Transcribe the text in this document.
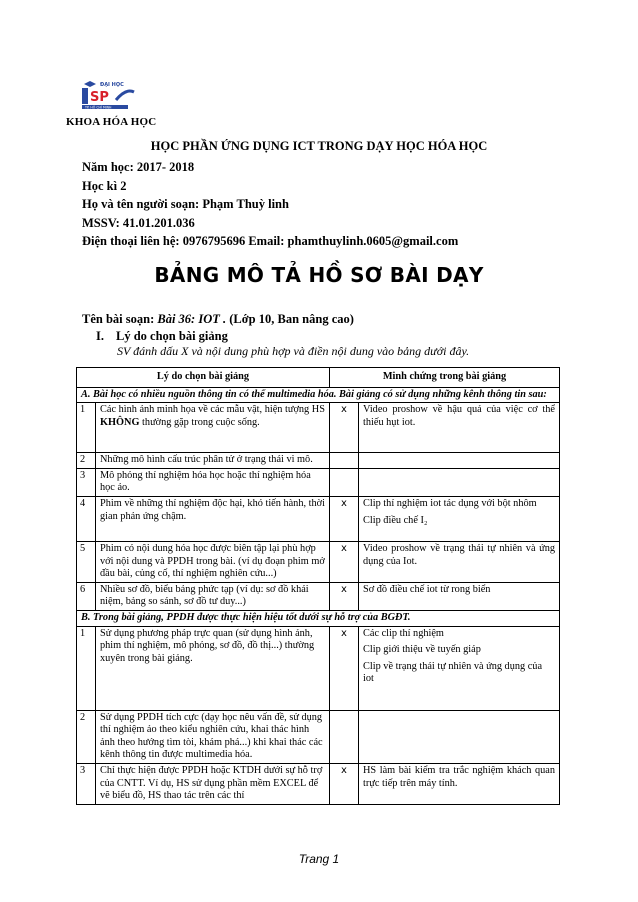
ĐẠI HỌC
SP
TP. HỒ CHÍ MINH
KHOA HÓA HỌC
HỌC PHẦN ỨNG DỤNG ICT TRONG DẠY HỌC HÓA HỌC
Năm học: 2017- 2018
Học kì 2
Họ và tên người soạn: Phạm Thuỳ linh
MSSV: 41.01.201.036
Điện thoại liên hệ: 0976795696 Email: phamthuylinh.0605@gmail.com
BẢNG MÔ TẢ HỒ SƠ BÀI DẠY
Tên bài soạn: Bài 36: IOT . (Lớp 10, Ban nâng cao)
I. Lý do chọn bài giảng
SV đánh dấu X và nội dung phù hợp và điền nội dung vào bảng dưới đây.
Lý do chọn bài giảng		Minh chứng trong bài giảng	
A. Bài học có nhiều nguồn thông tin có thể multimedia hóa. Bài giảng có sử dụng những kênh thông tin sau:			
1	Các hình ảnh minh họa về các mẫu vật, hiện tượng HS KHÔNG thường gặp trong cuộc sống.	x	Video proshow về hậu quả của việc cơ thể thiếu hụt iot.

2	Những mô hình cấu trúc phân tử ở trạng thái vi mô.		
3	Mô phỏng thí nghiệm hóa học hoặc thí nghiệm hóa học ảo.		
4	Phim về những thí nghiệm độc hại, khó tiến hành, thời gian phản ứng chậm.	x	Clip thí nghiệm iot tác dụng với bột nhôm

Clip điều chế I₂

5	Phim có nội dung hóa học được biên tập lại phù hợp với nội dung và PPDH trong bài. (ví dụ đoạn phim mở đầu bài, củng cố, thí nghiệm nghiên cứu...)	x	Video proshow về trạng thái tự nhiên và ứng dụng của Iot.

6	Nhiều sơ đồ, biểu bảng phức tạp (ví dụ: sơ đồ khái niệm, bảng so sánh, sơ đồ tư duy...)	x	Sơ đồ điều chế iot từ rong biển

B. Trong bài giảng, PPDH được thực hiện hiệu tốt dưới sự hỗ trợ của BGĐT.			
1	Sử dụng phương pháp trực quan (sử dụng hình ảnh, phim thí nghiệm, mô phỏng, sơ đồ, đồ thị...) thường xuyên trong bài giảng.	x	Các clip thí nghiệm

Clip giới thiệu về tuyến giáp

Clip về trạng thái tự nhiên và ứng dụng của iot

2	Sử dụng PPDH tích cực (dạy học nêu vấn đề, sử dụng thí nghiệm ảo theo kiểu nghiên cứu, khai thác hình ảnh theo hướng tìm tòi, khám phá...) khi khai thác các kênh thông tin được multimedia hóa.		
3	Chỉ thực hiện được PPDH hoặc KTDH dưới sự hỗ trợ của CNTT. Ví dụ, HS sử dụng phần mềm EXCEL để vẽ biểu đồ, HS thao tác trên các thí	x	HS làm bài kiểm tra trắc nghiệm khách quan trực tiếp trên máy tính.

Trang 1
